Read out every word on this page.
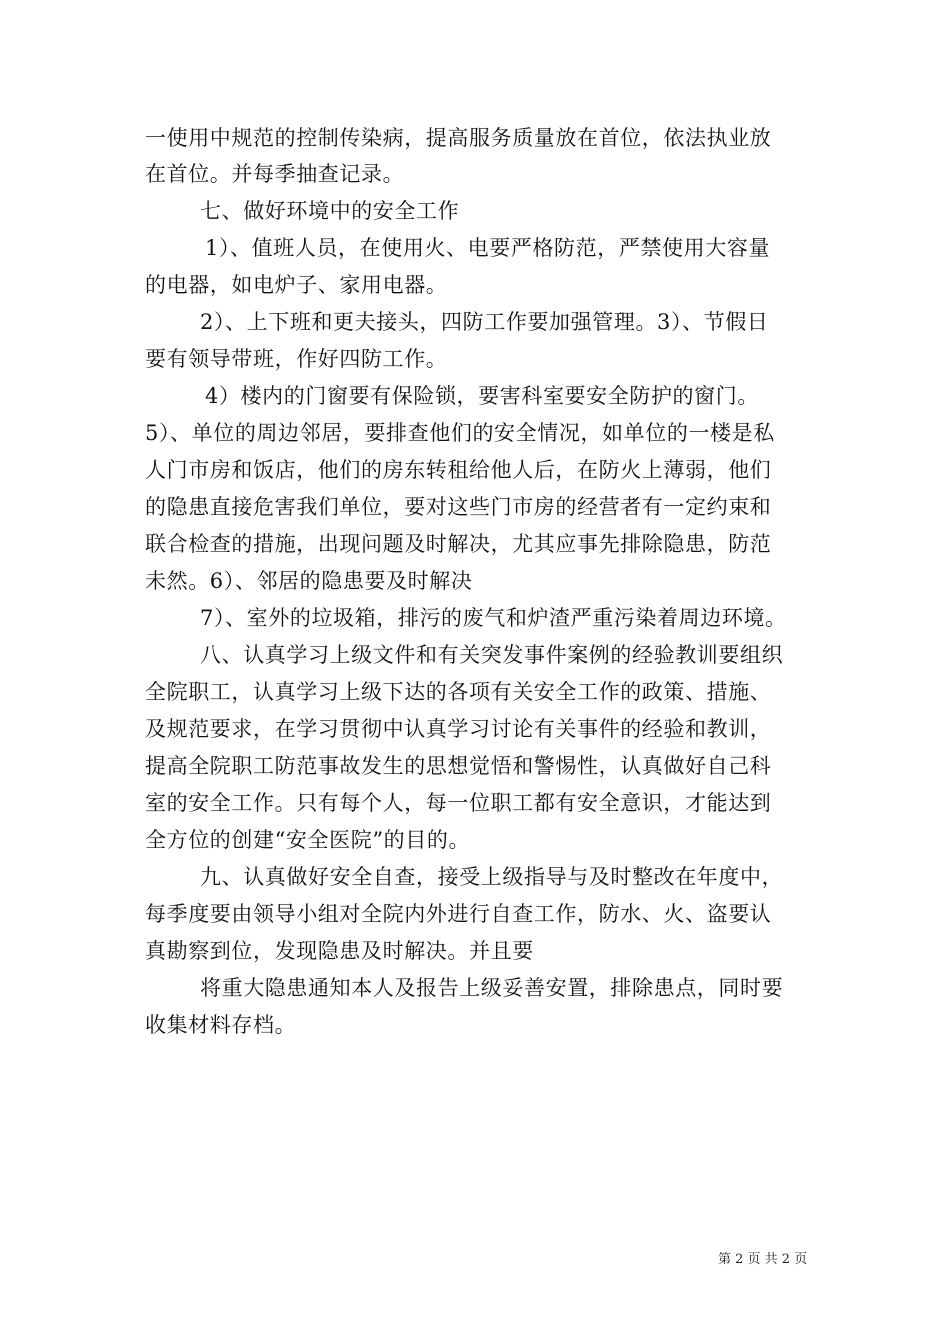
一使用中规范的控制传染病，提高服务质量放在首位，依法执业放
在首位。并每季抽查记录。
七、做好环境中的安全工作
1）、值班人员，在使用火、电要严格防范，严禁使用大容量
的电器，如电炉子、家用电器。
2）、上下班和更夫接头，四防工作要加强管理。3）、节假日
要有领导带班，作好四防工作。
4）楼内的门窗要有保险锁，要害科室要安全防护的窗门。
5）、单位的周边邻居，要排查他们的安全情况，如单位的一楼是私
人门市房和饭店，他们的房东转租给他人后，在防火上薄弱，他们
的隐患直接危害我们单位，要对这些门市房的经营者有一定约束和
联合检查的措施，出现问题及时解决，尤其应事先排除隐患，防范
未然。6）、邻居的隐患要及时解决
7）、室外的垃圾箱，排污的废气和炉渣严重污染着周边环境。
八、认真学习上级文件和有关突发事件案例的经验教训要组织
全院职工，认真学习上级下达的各项有关安全工作的政策、措施、
及规范要求，在学习贯彻中认真学习讨论有关事件的经验和教训，
提高全院职工防范事故发生的思想觉悟和警惕性，认真做好自己科
室的安全工作。只有每个人，每一位职工都有安全意识，才能达到
全方位的创建“安全医院”的目的。
九、认真做好安全自查，接受上级指导与及时整改在年度中，
每季度要由领导小组对全院内外进行自查工作，防水、火、盗要认
真勘察到位，发现隐患及时解决。并且要
将重大隐患通知本人及报告上级妥善安置，排除患点，同时要
收集材料存档。
第 2 页 共 2 页
